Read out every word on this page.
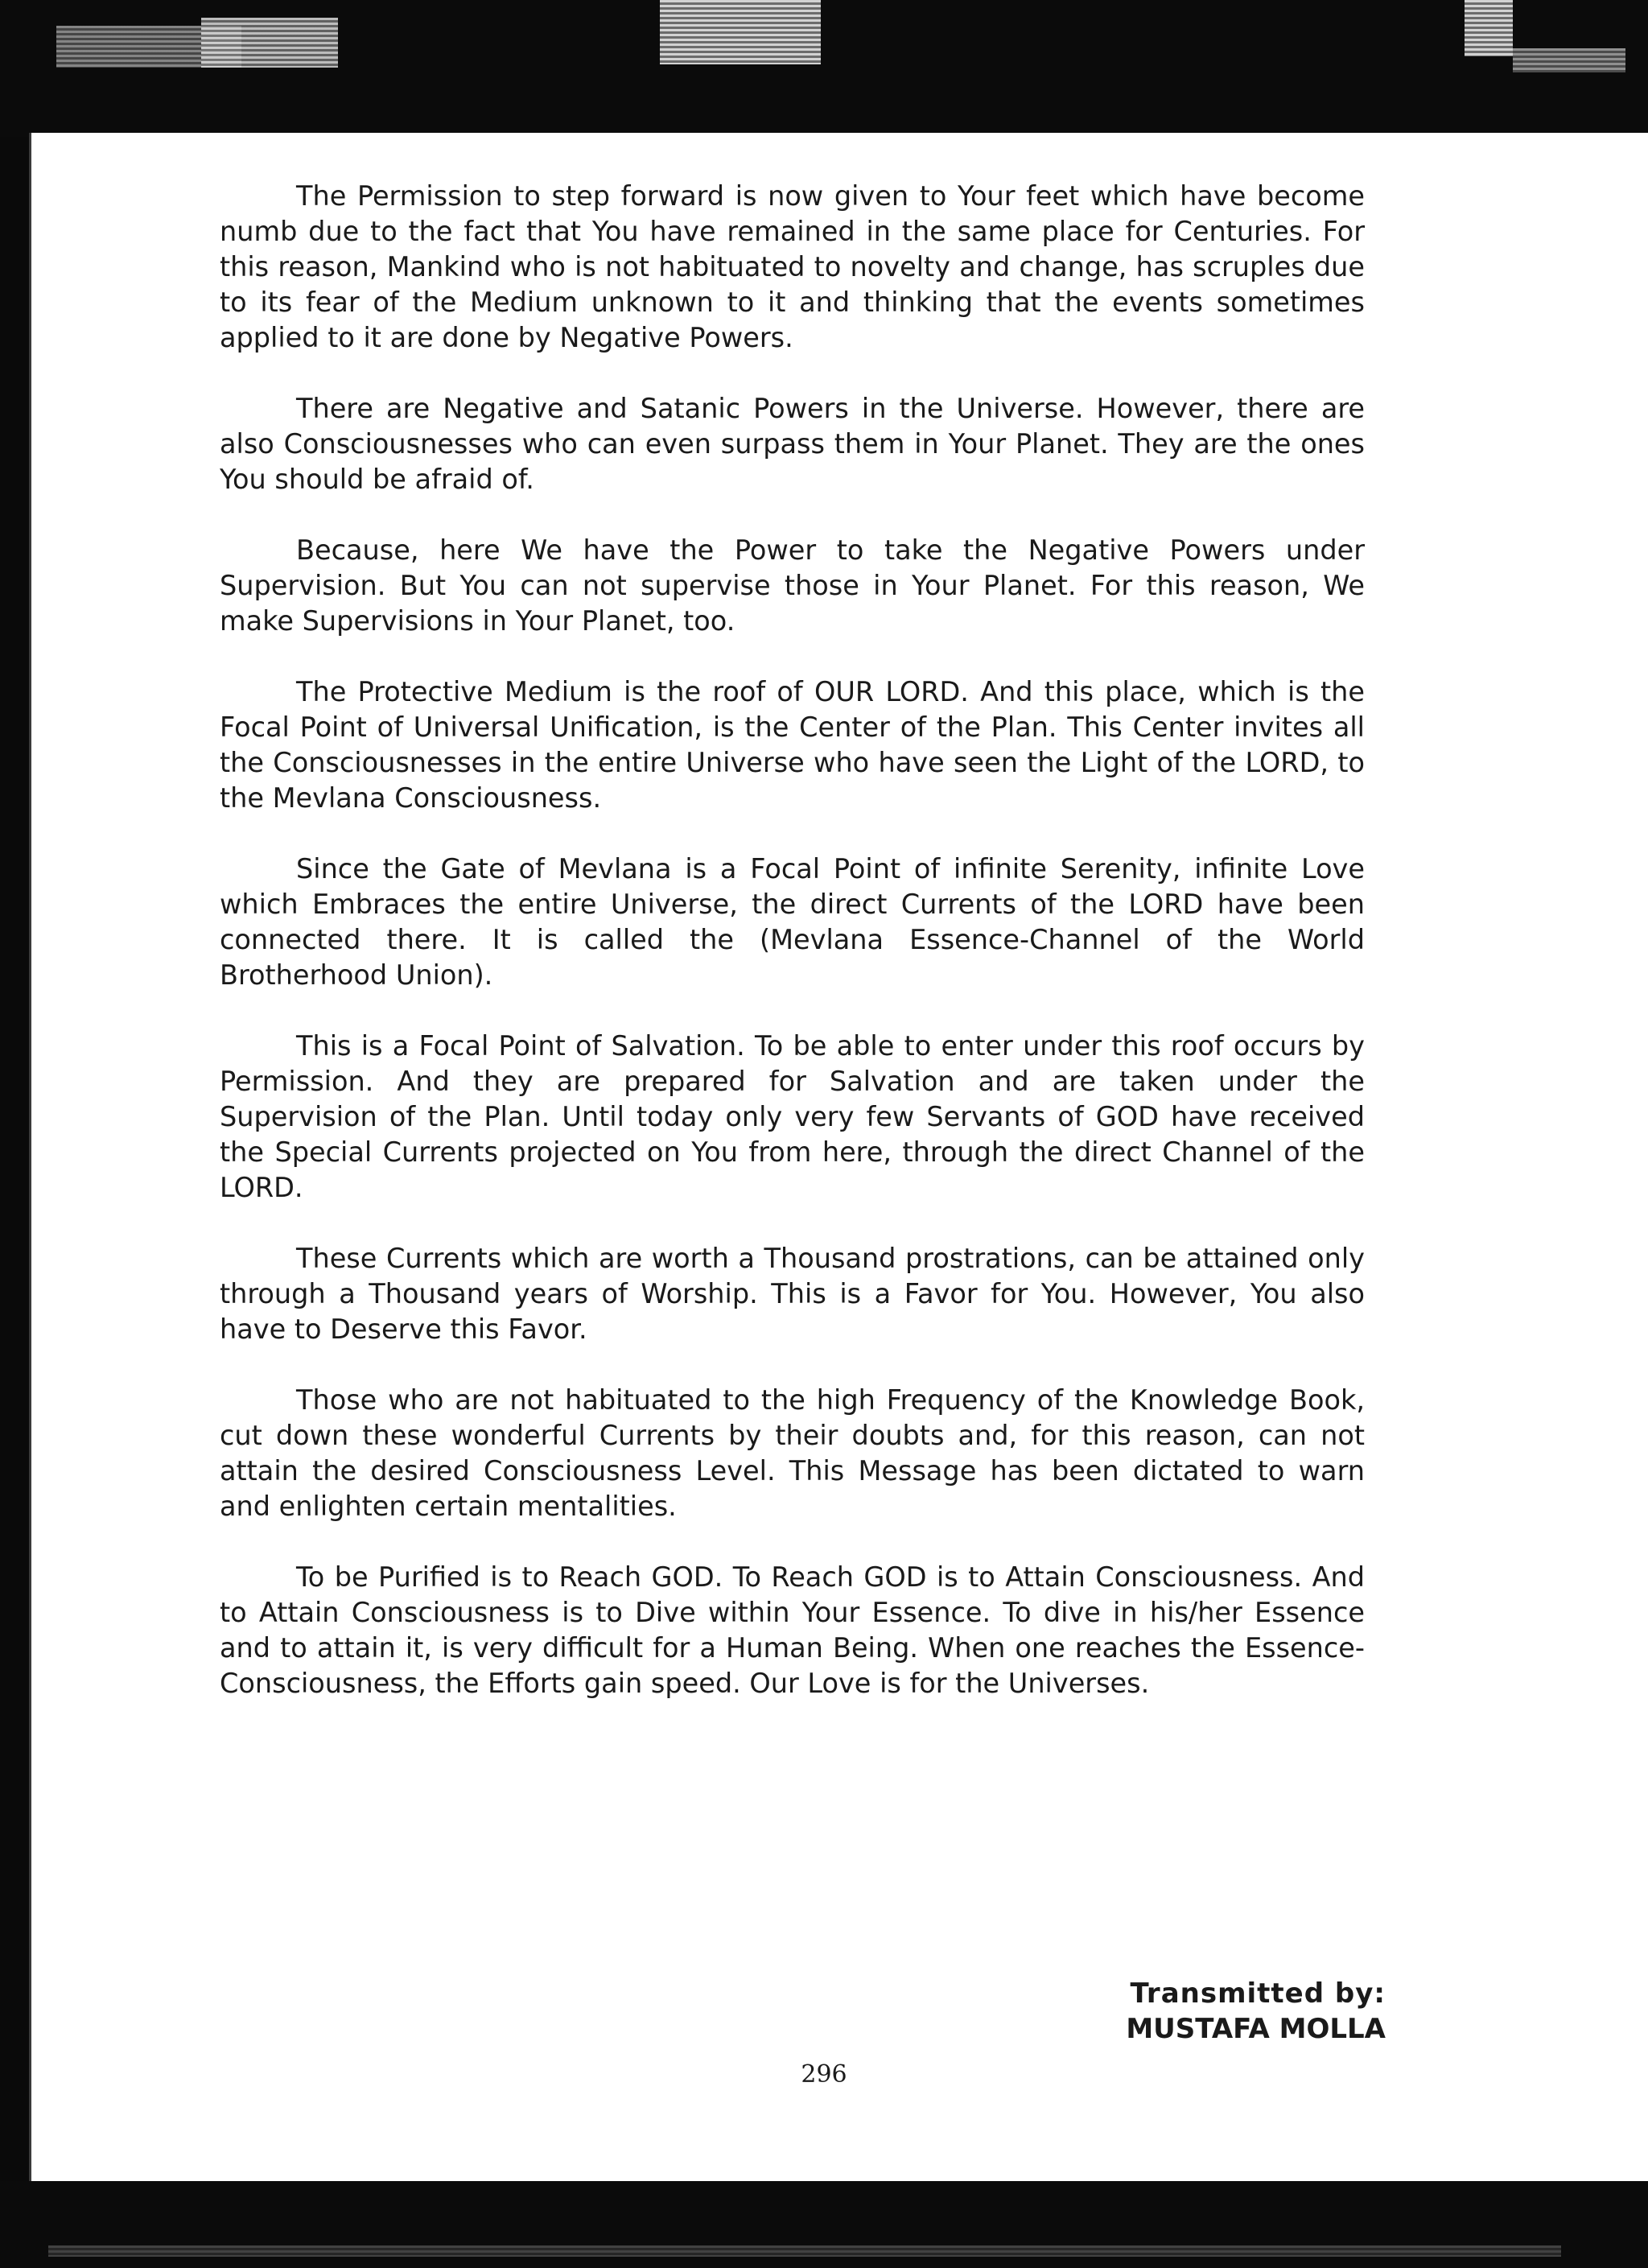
The Permission to step forward is now given to Your feet which have become numb due to the fact that You have remained in the same place for Centuries. For this reason, Mankind who is not habituated to novelty and change, has scruples due to its fear of the Medium unknown to it and thinking that the events sometimes applied to it are done by Negative Powers.

There are Negative and Satanic Powers in the Universe. However, there are also Consciousnesses who can even surpass them in Your Planet. They are the ones You should be afraid of.

Because, here We have the Power to take the Negative Powers under Supervision. But You can not supervise those in Your Planet. For this reason, We make Supervisions in Your Planet, too.

The Protective Medium is the roof of OUR LORD. And this place, which is the Focal Point of Universal Unification, is the Center of the Plan. This Center invites all the Consciousnesses in the entire Universe who have seen the Light of the LORD, to the Mevlana Consciousness.

Since the Gate of Mevlana is a Focal Point of infinite Serenity, infinite Love which Embraces the entire Universe, the direct Currents of the LORD have been connected there. It is called the (Mevlana Essence-Channel of the World Brotherhood Union).

This is a Focal Point of Salvation. To be able to enter under this roof occurs by Permission. And they are prepared for Salvation and are taken under the Supervision of the Plan. Until today only very few Servants of GOD have received the Special Currents projected on You from here, through the direct Channel of the LORD.

These Currents which are worth a Thousand prostrations, can be attained only through a Thousand years of Worship. This is a Favor for You. However, You also have to Deserve this Favor.

Those who are not habituated to the high Frequency of the Knowledge Book, cut down these wonderful Currents by their doubts and, for this reason, can not attain the desired Consciousness Level. This Message has been dictated to warn and enlighten certain mentalities.

To be Purified is to Reach GOD. To Reach GOD is to Attain Consciousness. And to Attain Consciousness is to Dive within Your Essence. To dive in his/her Essence and to attain it, is very difficult for a Human Being. When one reaches the Essence-Consciousness, the Efforts gain speed. Our Love is for the Universes.

Transmitted by:
MUSTAFA MOLLA
296
